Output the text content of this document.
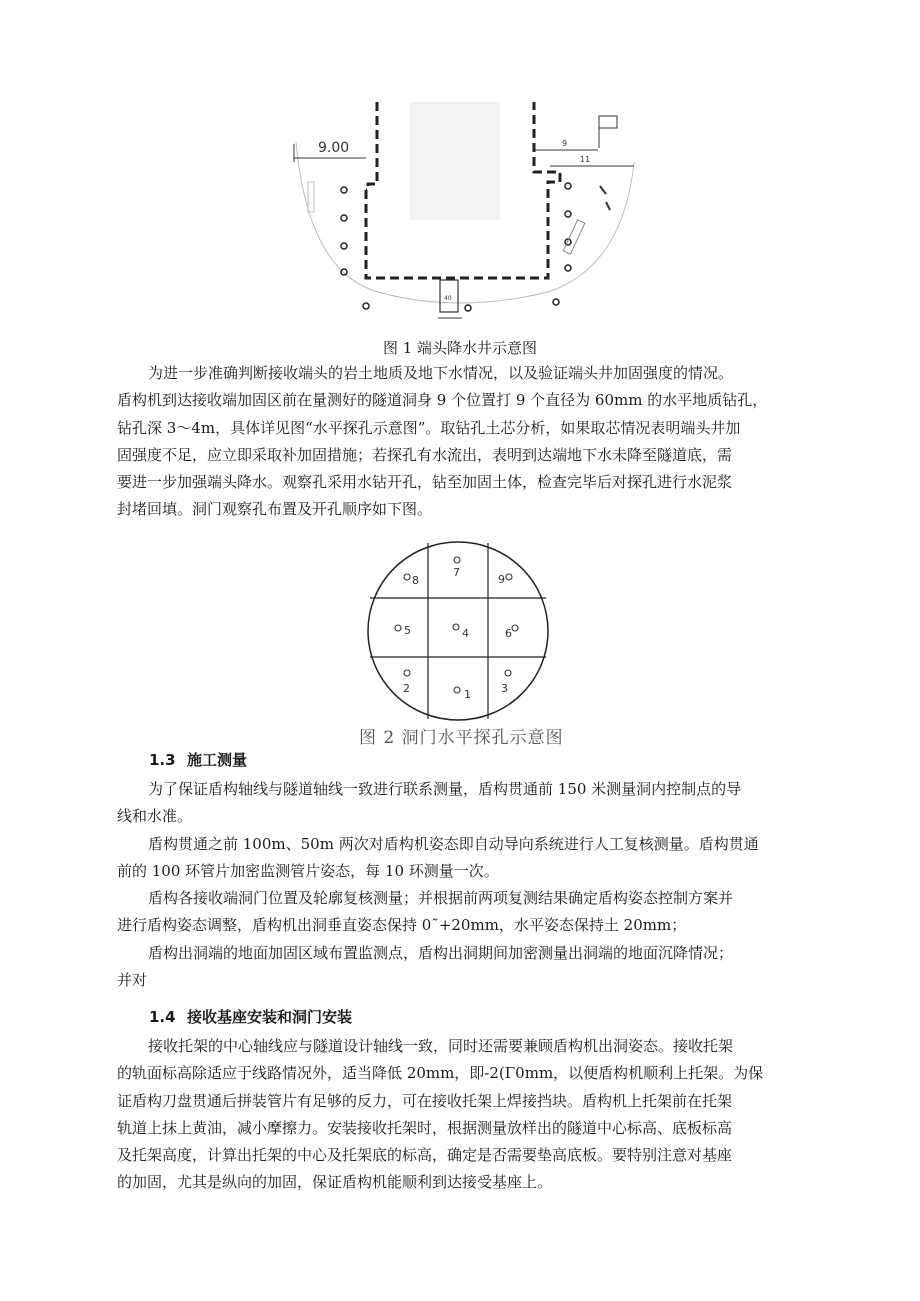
9.00	9
11
40
图 1 端头降水井示意图
为进一步准确判断接收端头的岩土地质及地下水情况，以及验证端头井加固强度的情况。
盾构机到达接收端加固区前在量测好的隧道洞身 9 个位置打 9 个直径为 60mm 的水平地质钻孔，
钻孔深 3～4m，具体详见图“水平探孔示意图”。取钻孔土芯分析，如果取芯情况表明端头井加
固强度不足，应立即采取补加固措施；若探孔有水流出，表明到达端地下水未降至隧道底，需
要进一步加强端头降水。观察孔采用水钻开孔，钻至加固土体，检查完毕后对探孔进行水泥浆
封堵回填。洞门观察孔布置及开孔顺序如下图。
7
8	9
5	4	6
2	3
1
图 2 洞门水平探孔示意图
1.3 施工测量
为了保证盾构轴线与隧道轴线一致进行联系测量，盾构贯通前 150 米测量洞内控制点的导
线和水准。
盾构贯通之前 100m、50m 两次对盾构机姿态即自动导向系统进行人工复核测量。盾构贯通
前的 100 环管片加密监测管片姿态，每 10 环测量一次。
盾构各接收端洞门位置及轮廓复核测量；并根据前两项复测结果确定盾构姿态控制方案并
进行盾构姿态调整，盾构机出洞垂直姿态保持 0˜+20mm，水平姿态保持土 20mm；
盾构出洞端的地面加固区域布置监测点，盾构出洞期间加密测量出洞端的地面沉降情况；
并对
1.4 接收基座安装和洞门安装
接收托架的中心轴线应与隧道设计轴线一致，同时还需要兼顾盾构机出洞姿态。接收托架
的轨面标高除适应于线路情况外，适当降低 20mm，即-2(Γ0mm，以便盾构机顺利上托架。为保
证盾构刀盘贯通后拼装管片有足够的反力，可在接收托架上焊接挡块。盾构机上托架前在托架
轨道上抹上黄油，减小摩擦力。安装接收托架时，根据测量放样出的隧道中心标高、底板标高
及托架高度，计算出托架的中心及托架底的标高，确定是否需要垫高底板。要特别注意对基座
的加固，尤其是纵向的加固，保证盾构机能顺利到达接受基座上。
